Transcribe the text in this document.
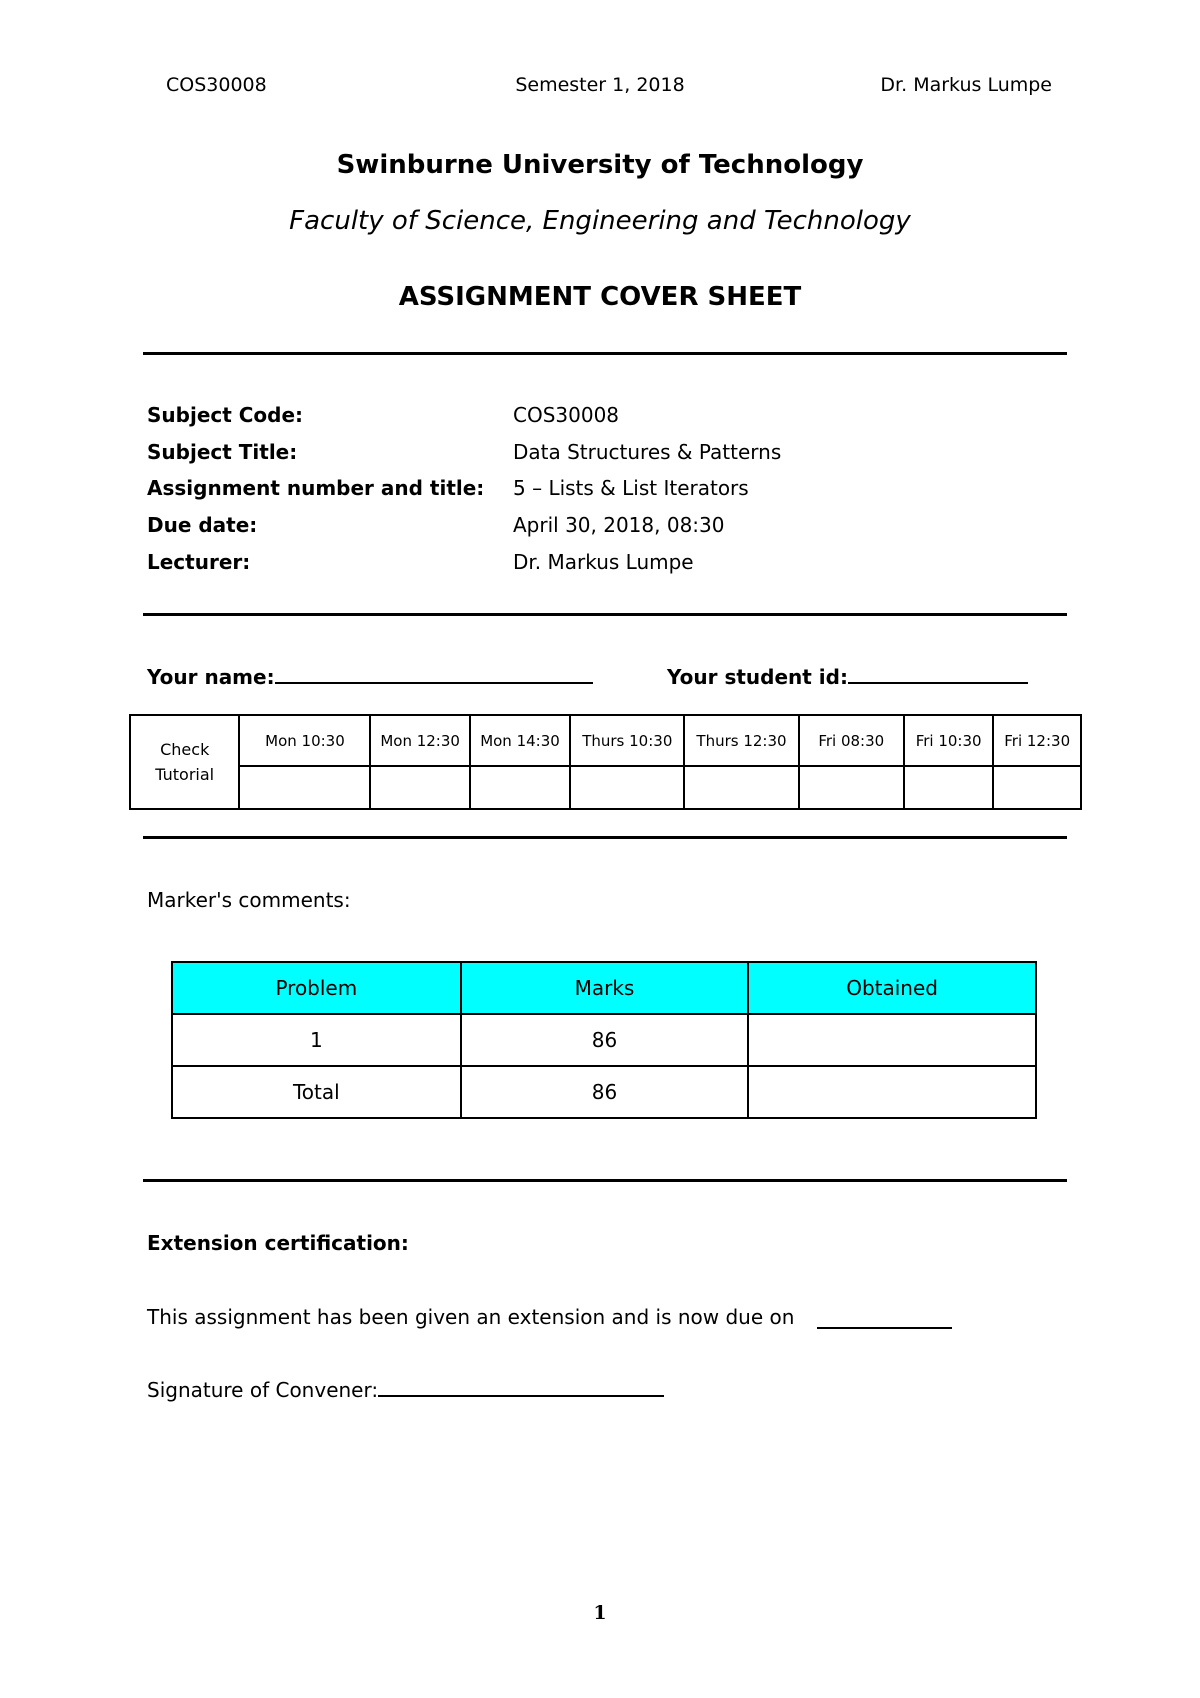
COS30008	Semester 1, 2018	Dr. Markus Lumpe
Swinburne University of Technology
Faculty of Science, Engineering and Technology
ASSIGNMENT COVER SHEET
Subject Code:	COS30008
Subject Title:	Data Structures & Patterns
Assignment number and title: 5 – Lists & List Iterators
Due date:	April 30, 2018, 08:30
Lecturer:	Dr. Markus Lumpe
Your name:	Your student id:
Check Tutorial	Mon 10:30	Mon 12:30	Mon 14:30	Thurs 10:30	Thurs 12:30	Fri 08:30	Fri 10:30	Fri 12:30

Marker's comments:
Problem	Marks	Obtained
1	86	
Total	86	
Extension certification:
This assignment has been given an extension and is now due on
Signature of Convener:
1
